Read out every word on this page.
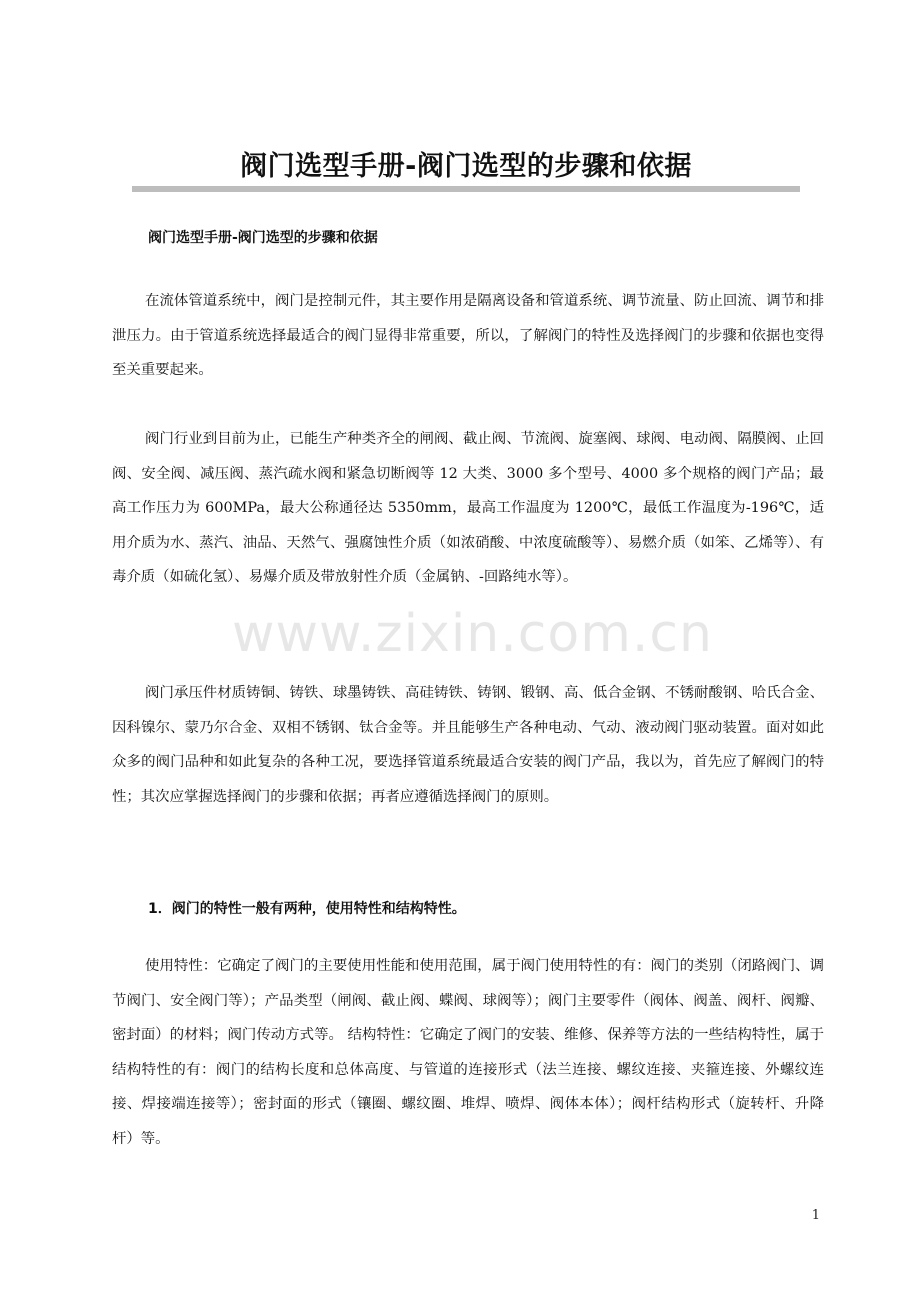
阀门选型手册-阀门选型的步骤和依据

阀门选型手册-阀门选型的步骤和依据

在流体管道系统中，阀门是控制元件，其主要作用是隔离设备和管道系统、调节流量、防止回流、调节和排泄压力。由于管道系统选择最适合的阀门显得非常重要，所以，了解阀门的特性及选择阀门的步骤和依据也变得至关重要起来。

阀门行业到目前为止，已能生产种类齐全的闸阀、截止阀、节流阀、旋塞阀、球阀、电动阀、隔膜阀、止回阀、安全阀、减压阀、蒸汽疏水阀和紧急切断阀等 12 大类、3000 多个型号、4000 多个规格的阀门产品；最高工作压力为 600MPa，最大公称通径达 5350mm，最高工作温度为 1200℃，最低工作温度为-196℃，适用介质为水、蒸汽、油品、天然气、强腐蚀性介质（如浓硝酸、中浓度硫酸等）、易燃介质（如笨、乙烯等）、有毒介质（如硫化氢）、易爆介质及带放射性介质（金属钠、-回路纯水等）。

阀门承压件材质铸铜、铸铁、球墨铸铁、高硅铸铁、铸钢、锻钢、高、低合金钢、不锈耐酸钢、哈氏合金、因科镍尔、蒙乃尔合金、双相不锈钢、钛合金等。并且能够生产各种电动、气动、液动阀门驱动装置。面对如此众多的阀门品种和如此复杂的各种工况，要选择管道系统最适合安装的阀门产品，我以为，首先应了解阀门的特性；其次应掌握选择阀门的步骤和依据；再者应遵循选择阀门的原则。

1．阀门的特性一般有两种，使用特性和结构特性。

使用特性：它确定了阀门的主要使用性能和使用范围，属于阀门使用特性的有：阀门的类别（闭路阀门、调节阀门、安全阀门等）；产品类型（闸阀、截止阀、蝶阀、球阀等）；阀门主要零件（阀体、阀盖、阀杆、阀瓣、密封面）的材料；阀门传动方式等。 结构特性：它确定了阀门的安装、维修、保养等方法的一些结构特性，属于结构特性的有：阀门的结构长度和总体高度、与管道的连接形式（法兰连接、螺纹连接、夹箍连接、外螺纹连接、焊接端连接等）；密封面的形式（镶圈、螺纹圈、堆焊、喷焊、阀体本体）；阀杆结构形式（旋转杆、升降杆）等。

www.zixin.com.cn
1
